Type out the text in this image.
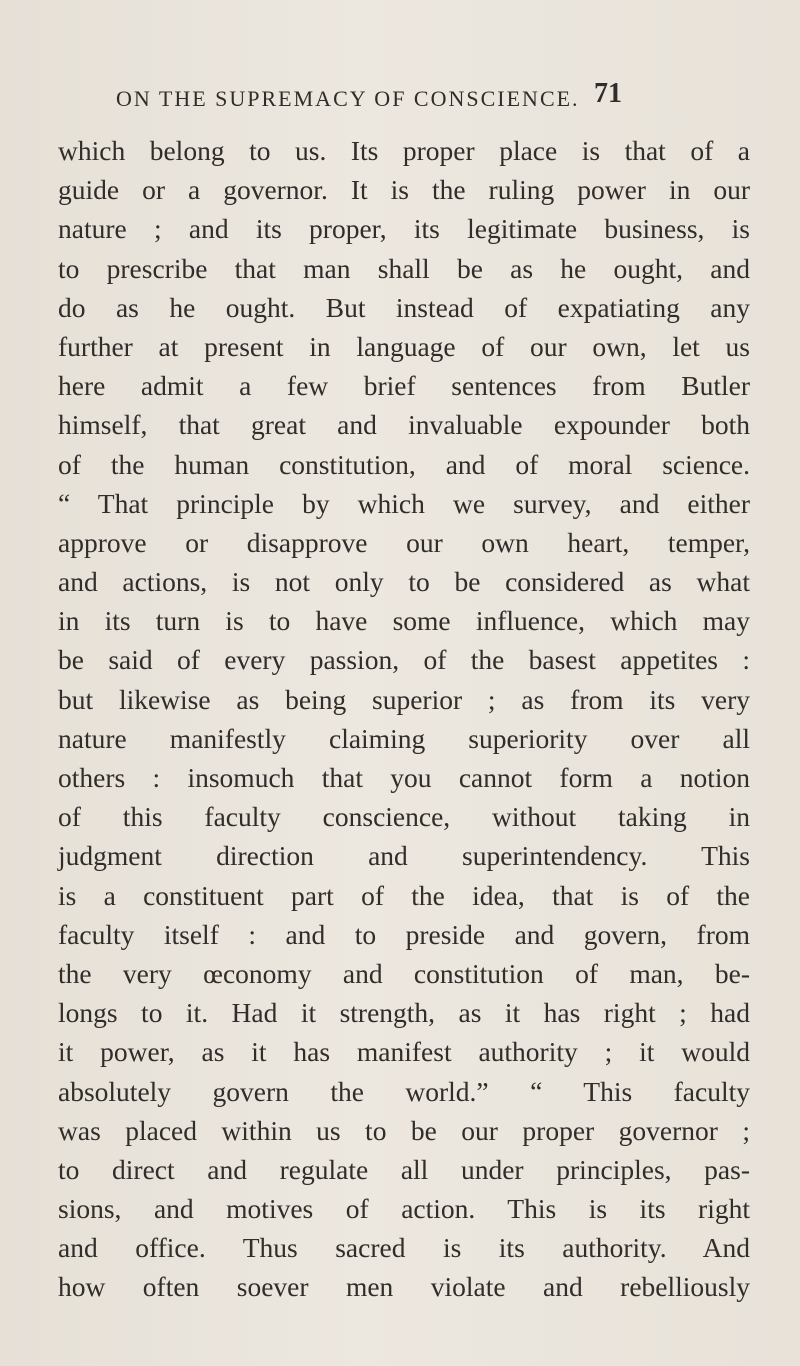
ON THE SUPREMACY OF CONSCIENCE. 71
which belong to us. Its proper place is that of a
guide or a governor. It is the ruling power in our
nature ; and its proper, its legitimate business, is
to prescribe that man shall be as he ought, and
do as he ought. But instead of expatiating any
further at present in language of our own, let us
here admit a few brief sentences from Butler
himself, that great and invaluable expounder both
of the human constitution, and of moral science.
“ That principle by which we survey, and either
approve or disapprove our own heart, temper,
and actions, is not only to be considered as what
in its turn is to have some influence, which may
be said of every passion, of the basest appetites :
but likewise as being superior ; as from its very
nature manifestly claiming superiority over all
others : insomuch that you cannot form a notion
of this faculty conscience, without taking in
judgment direction and superintendency. This
is a constituent part of the idea, that is of the
faculty itself : and to preside and govern, from
the very œconomy and constitution of man, be-
longs to it. Had it strength, as it has right ; had
it power, as it has manifest authority ; it would
absolutely govern the world.” “ This faculty
was placed within us to be our proper governor ;
to direct and regulate all under principles, pas-
sions, and motives of action. This is its right
and office. Thus sacred is its authority. And
how often soever men violate and rebelliously
